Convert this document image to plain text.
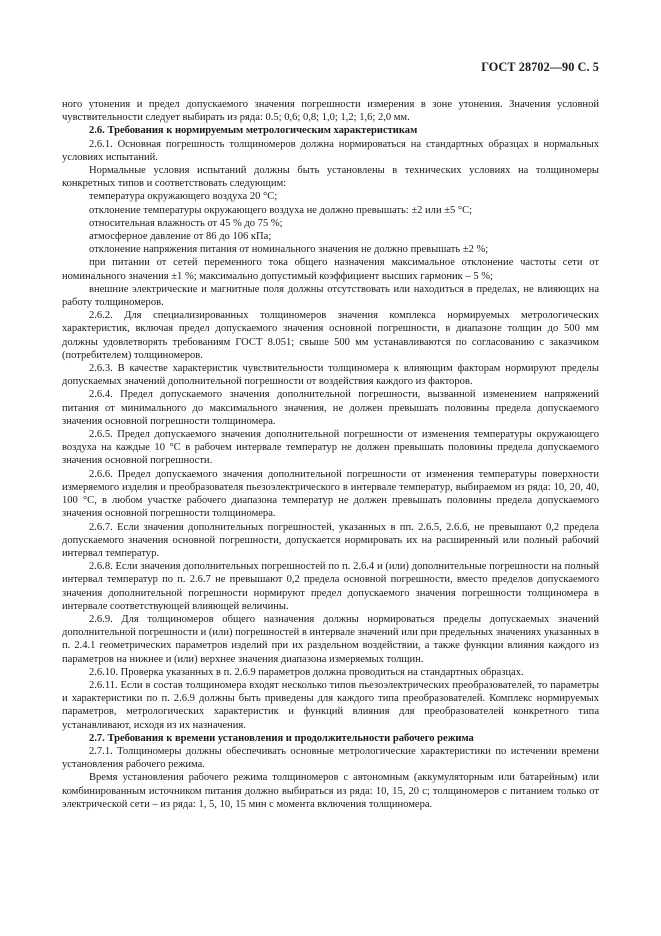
ГОСТ 28702—90 С. 5

ного утонения и предел допускаемого значения погрешности измерения в зоне утонения. Значения условной чувствительности следует выбирать из ряда: 0.5; 0,6; 0,8; 1,0; 1,2; 1,6; 2,0 мм.

2.6. Требования к нормируемым метрологическим характеристикам

2.6.1. Основная погрешность толщиномеров должна нормироваться на стандартных образцах в нормальных условиях испытаний.

Нормальные условия испытаний должны быть установлены в технических условиях на толщиномеры конкретных типов и соответствовать следующим:

температура окружающего воздуха 20 °С;

отклонение температуры окружающего воздуха не должно превышать: ±2 или ±5 °С;

относительная влажность от 45 % до 75 %;

атмосферное давление от 86 до 106 кПа;

отклонение напряжения питания от номинального значения не должно превышать ±2 %;

при питании от сетей переменного тока общего назначения максимальное отклонение частоты сети от номинального значения ±1 %; максимально допустимый коэффициент высших гармоник – 5 %;

внешние электрические и магнитные поля должны отсутствовать или находиться в пределах, не влияющих на работу толщиномеров.

2.6.2. Для специализированных толщиномеров значения комплекса нормируемых метрологических характеристик, включая предел допускаемого значения основной погрешности, в диапазоне толщин до 500 мм должны удовлетворять требованиям ГОСТ 8.051; свыше 500 мм устанавливаются по согласованию с заказчиком (потребителем) толщиномеров.

2.6.3. В качестве характеристик чувствительности толщиномера к влияющим факторам нормируют пределы допускаемых значений дополнительной погрешности от воздействия каждого из факторов.

2.6.4. Предел допускаемого значения дополнительной погрешности, вызванной изменением напряжений питания от минимального до максимального значения, не должен превышать половины предела допускаемого значения основной погрешности толщиномера.

2.6.5. Предел допускаемого значения дополнительной погрешности от изменения температуры окружающего воздуха на каждые 10 °С в рабочем интервале температур не должен превышать половины предела допускаемого значения основной погрешности.

2.6.6. Предел допускаемого значения дополнительной погрешности от изменения температуры поверхности измеряемого изделия и преобразователя пьезоэлектрического в интервале температур, выбираемом из ряда: 10, 20, 40, 100 °С, в любом участке рабочего диапазона температур не должен превышать половины предела допускаемого значения основной погрешности толщиномера.

2.6.7. Если значения дополнительных погрешностей, указанных в пп. 2.6.5, 2.6.6, не превышают 0,2 предела допускаемого значения основной погрешности, допускается нормировать их на расширенный или полный рабочий интервал температур.

2.6.8. Если значения дополнительных погрешностей по п. 2.6.4 и (или) дополнительные погрешности на полный интервал температур по п. 2.6.7 не превышают 0,2 предела основной погрешности, вместо пределов допускаемого значения дополнительной погрешности нормируют предел допускаемого значения погрешности толщиномера в интервале соответствующей влияющей величины.

2.6.9. Для толщиномеров общего назначения должны нормироваться пределы допускаемых значений дополнительной погрешности и (или) погрешностей в интервале значений или при предельных значениях указанных в п. 2.4.1 геометрических параметров изделий при их раздельном воздействии, а также функции влияния каждого из параметров на нижнее и (или) верхнее значения диапазона измеряемых толщин.

2.6.10. Проверка указанных в п. 2.6.9 параметров должна проводиться на стандартных образцах.

2.6.11. Если в состав толщиномера входят несколько типов пьезоэлектрических преобразователей, то параметры и характеристики по п. 2.6.9 должны быть приведены для каждого типа преобразователей. Комплекс нормируемых параметров, метрологических характеристик и функций влияния для преобразователей конкретного типа устанавливают, исходя из их назначения.

2.7. Требования к времени установления и продолжительности рабочего режима

2.7.1. Толщиномеры должны обеспечивать основные метрологические характеристики по истечении времени установления рабочего режима.

Время установления рабочего режима толщиномеров с автономным (аккумуляторным или батарейным) или комбинированным источником питания должно выбираться из ряда: 10, 15, 20 с; толщиномеров с питанием только от электрической сети – из ряда: 1, 5, 10, 15 мин с момента включения толщиномера.
